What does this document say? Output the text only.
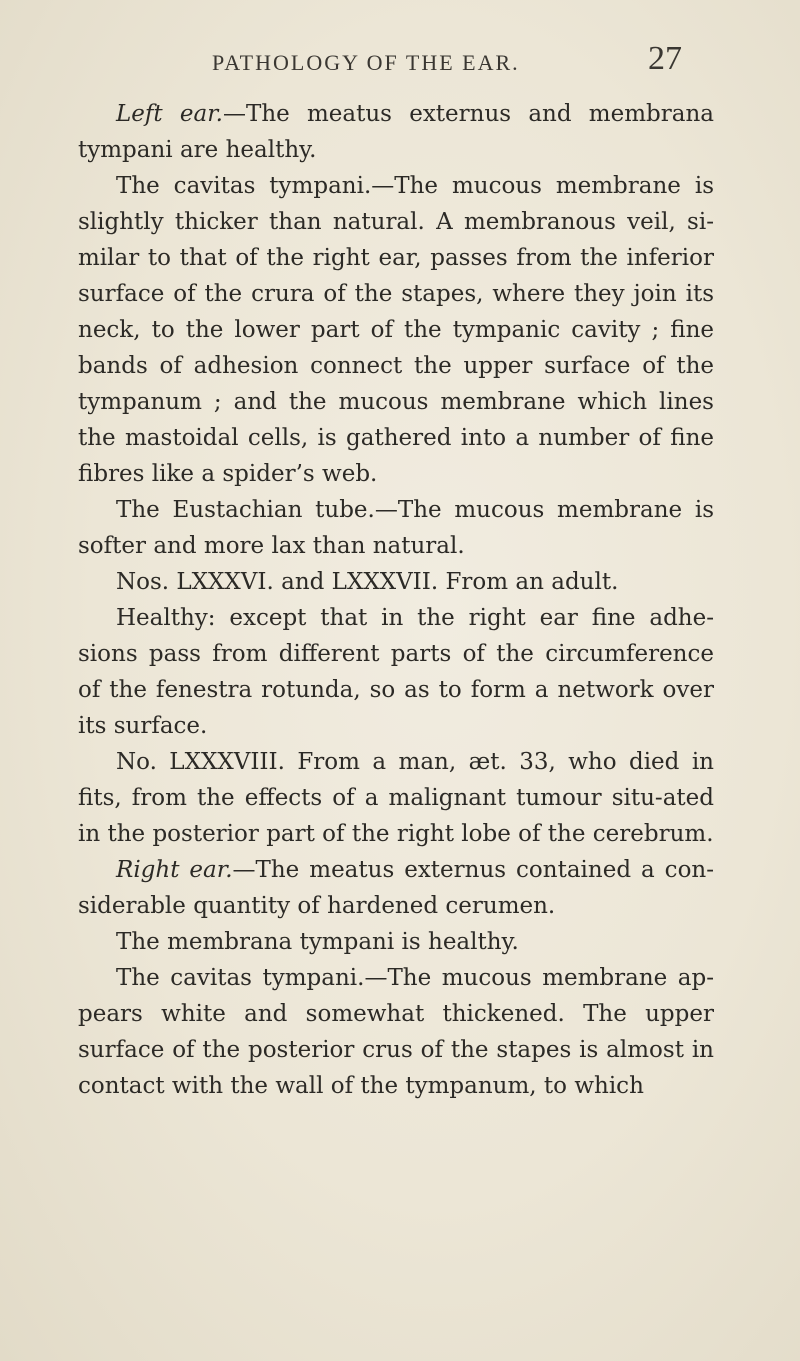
PATHOLOGY OF THE EAR.	27

Left ear.—The meatus externus and membrana tympani are healthy.

The cavitas tympani.—The mucous membrane is slightly thicker than natural. A membranous veil, si-milar to that of the right ear, passes from the inferior surface of the crura of the stapes, where they join its neck, to the lower part of the tympanic cavity ; fine bands of adhesion connect the upper surface of the tympanum ; and the mucous membrane which lines the mastoidal cells, is gathered into a number of fine fibres like a spider’s web.

The Eustachian tube.—The mucous membrane is softer and more lax than natural.

Nos. LXXXVI. and LXXXVII. From an adult.

Healthy: except that in the right ear fine adhe-sions pass from different parts of the circumference of the fenestra rotunda, so as to form a network over its surface.

No. LXXXVIII. From a man, æt. 33, who died in fits, from the effects of a malignant tumour situ-ated in the posterior part of the right lobe of the cerebrum.

Right ear.—The meatus externus contained a con-siderable quantity of hardened cerumen.

The membrana tympani is healthy.

The cavitas tympani.—The mucous membrane ap-pears white and somewhat thickened. The upper surface of the posterior crus of the stapes is almost in contact with the wall of the tympanum, to which
